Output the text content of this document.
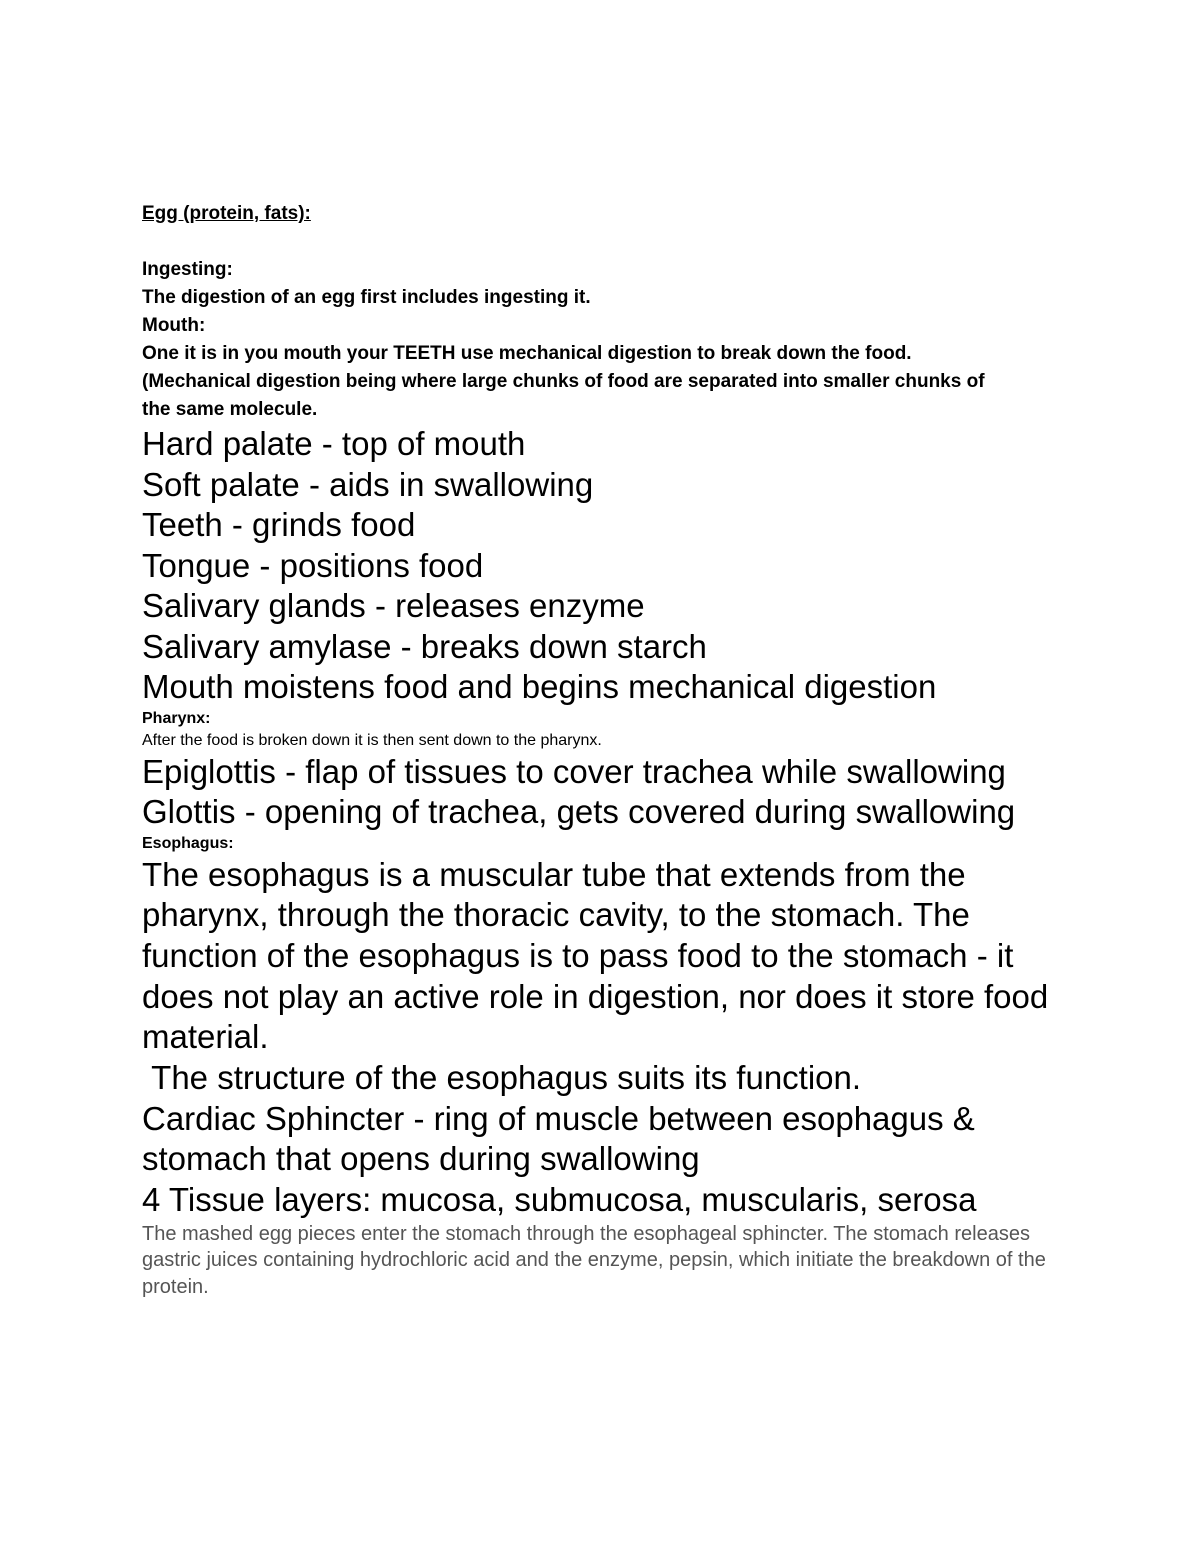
Egg (protein, fats):

Ingesting:

The digestion of an egg first includes ingesting it.

Mouth:

One it is in you mouth your TEETH use mechanical digestion to break down the food.

(Mechanical digestion being where large chunks of food are separated into smaller chunks of

the same molecule.

Hard palate - top of mouth

Soft palate - aids in swallowing

Teeth - grinds food

Tongue - positions food

Salivary glands - releases enzyme

Salivary amylase - breaks down starch

Mouth moistens food and begins mechanical digestion

Pharynx:

After the food is broken down it is then sent down to the pharynx.

Epiglottis - flap of tissues to cover trachea while swallowing

Glottis - opening of trachea, gets covered during swallowing

Esophagus:

The esophagus is a muscular tube that extends from the pharynx, through the thoracic cavity, to the stomach. The function of the esophagus is to pass food to the stomach - it does not play an active role in digestion, nor does it store food material.

The structure of the esophagus suits its function.

Cardiac Sphincter - ring of muscle between esophagus & stomach that opens during swallowing

4 Tissue layers: mucosa, submucosa, muscularis, serosa

The mashed egg pieces enter the stomach through the esophageal sphincter. The stomach releases gastric juices containing hydrochloric acid and the enzyme, pepsin, which initiate the breakdown of the protein.
